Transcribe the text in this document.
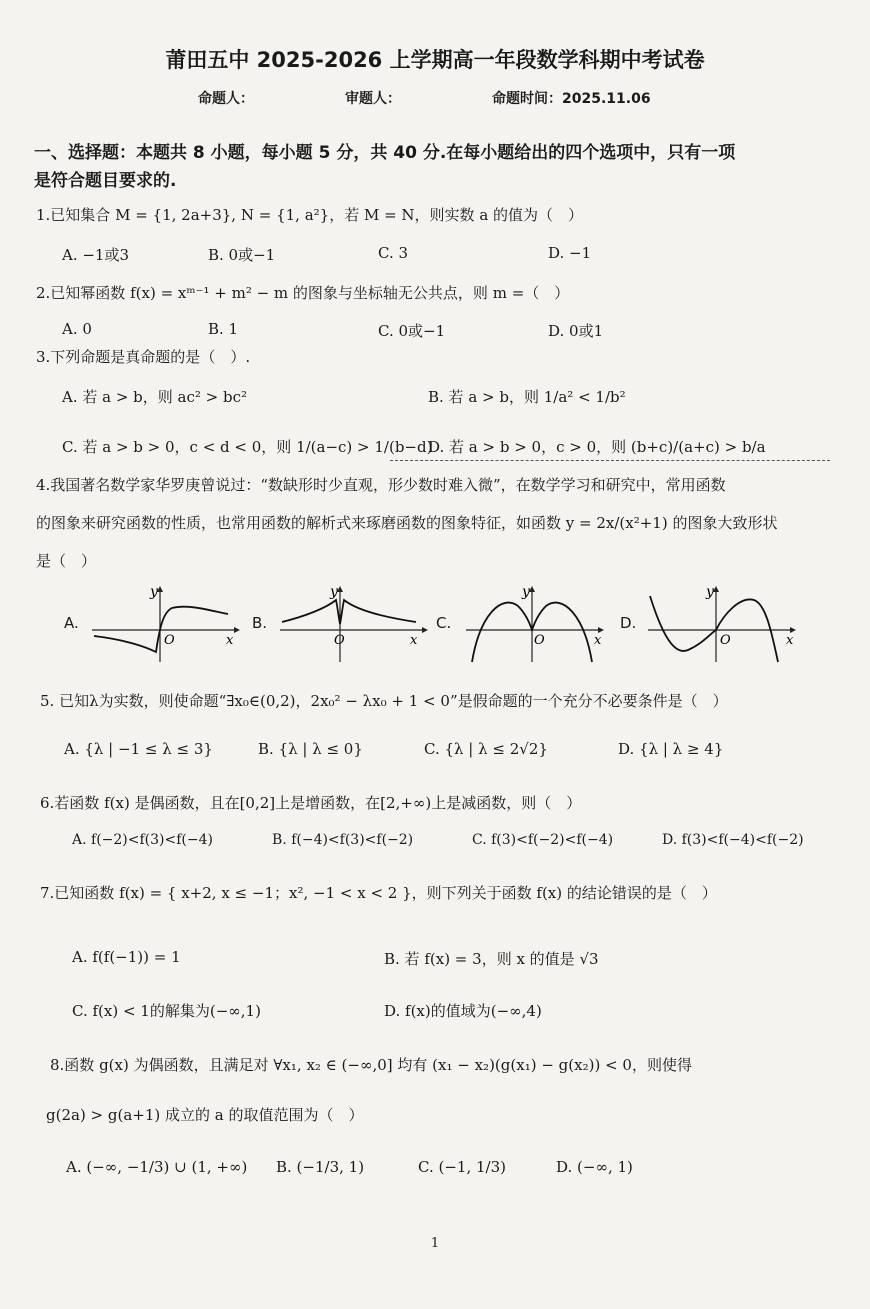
莆田五中 2025-2026 上学期高一年段数学科期中考试卷
命题人：	审题人：	命题时间：2025.11.06
一、选择题：本题共 8 小题，每小题 5 分，共 40 分.在每小题给出的四个选项中，只有一项
是符合题目要求的.
1.已知集合 M = {1, 2a+3}, N = {1, a²}，若 M = N，则实数 a 的值为（　）
A. −1或3	B. 0或−1	C. 3	D. −1
2.已知幂函数 f(x) = xᵐ⁻¹ + m² − m 的图象与坐标轴无公共点，则 m =（　）
A. 0	B. 1	C. 0或−1	D. 0或1
3.下列命题是真命题的是（　）.
A. 若 a > b，则 ac² > bc²	B. 若 a > b，则 1/a² < 1/b²
C. 若 a > b > 0，c < d < 0，则 1/(a−c) > 1/(b−d)
D. 若 a > b > 0，c > 0，则 (b+c)/(a+c) > b/a
4.我国著名数学家华罗庚曾说过：“数缺形时少直观，形少数时难入微”，在数学学习和研究中，常用函数
的图象来研究函数的性质，也常用函数的解析式来琢磨函数的图象特征，如函数 y = 2x/(x²+1) 的图象大致形状
是（　）
A.	B.	C.	D.
y
O	x
y
O	x
y
O	x
y
O	x
5. 已知λ为实数，则使命题“∃x₀∈(0,2)，2x₀² − λx₀ + 1 < 0”是假命题的一个充分不必要条件是（　）
A. {λ | −1 ≤ λ ≤ 3}	B. {λ | λ ≤ 0}	C. {λ | λ ≤ 2√2}	D. {λ | λ ≥ 4}
6.若函数 f(x) 是偶函数，且在[0,2]上是增函数，在[2,+∞)上是减函数，则（　）
A. f(−2)<f(3)<f(−4)	B. f(−4)<f(3)<f(−2)	C. f(3)<f(−2)<f(−4)	D. f(3)<f(−4)<f(−2)
7.已知函数 f(x) = { x+2, x ≤ −1；x², −1 < x < 2 }，则下列关于函数 f(x) 的结论错误的是（　）
A. f(f(−1)) = 1	B. 若 f(x) = 3，则 x 的值是 √3
C. f(x) < 1的解集为(−∞,1)	D. f(x)的值域为(−∞,4)
8.函数 g(x) 为偶函数，且满足对 ∀x₁, x₂ ∈ (−∞,0] 均有 (x₁ − x₂)(g(x₁) − g(x₂)) < 0，则使得
g(2a) > g(a+1) 成立的 a 的取值范围为（　）
A. (−∞, −1/3) ∪ (1, +∞) B. (−1/3, 1)	C. (−1, 1/3)	D. (−∞, 1)
1
